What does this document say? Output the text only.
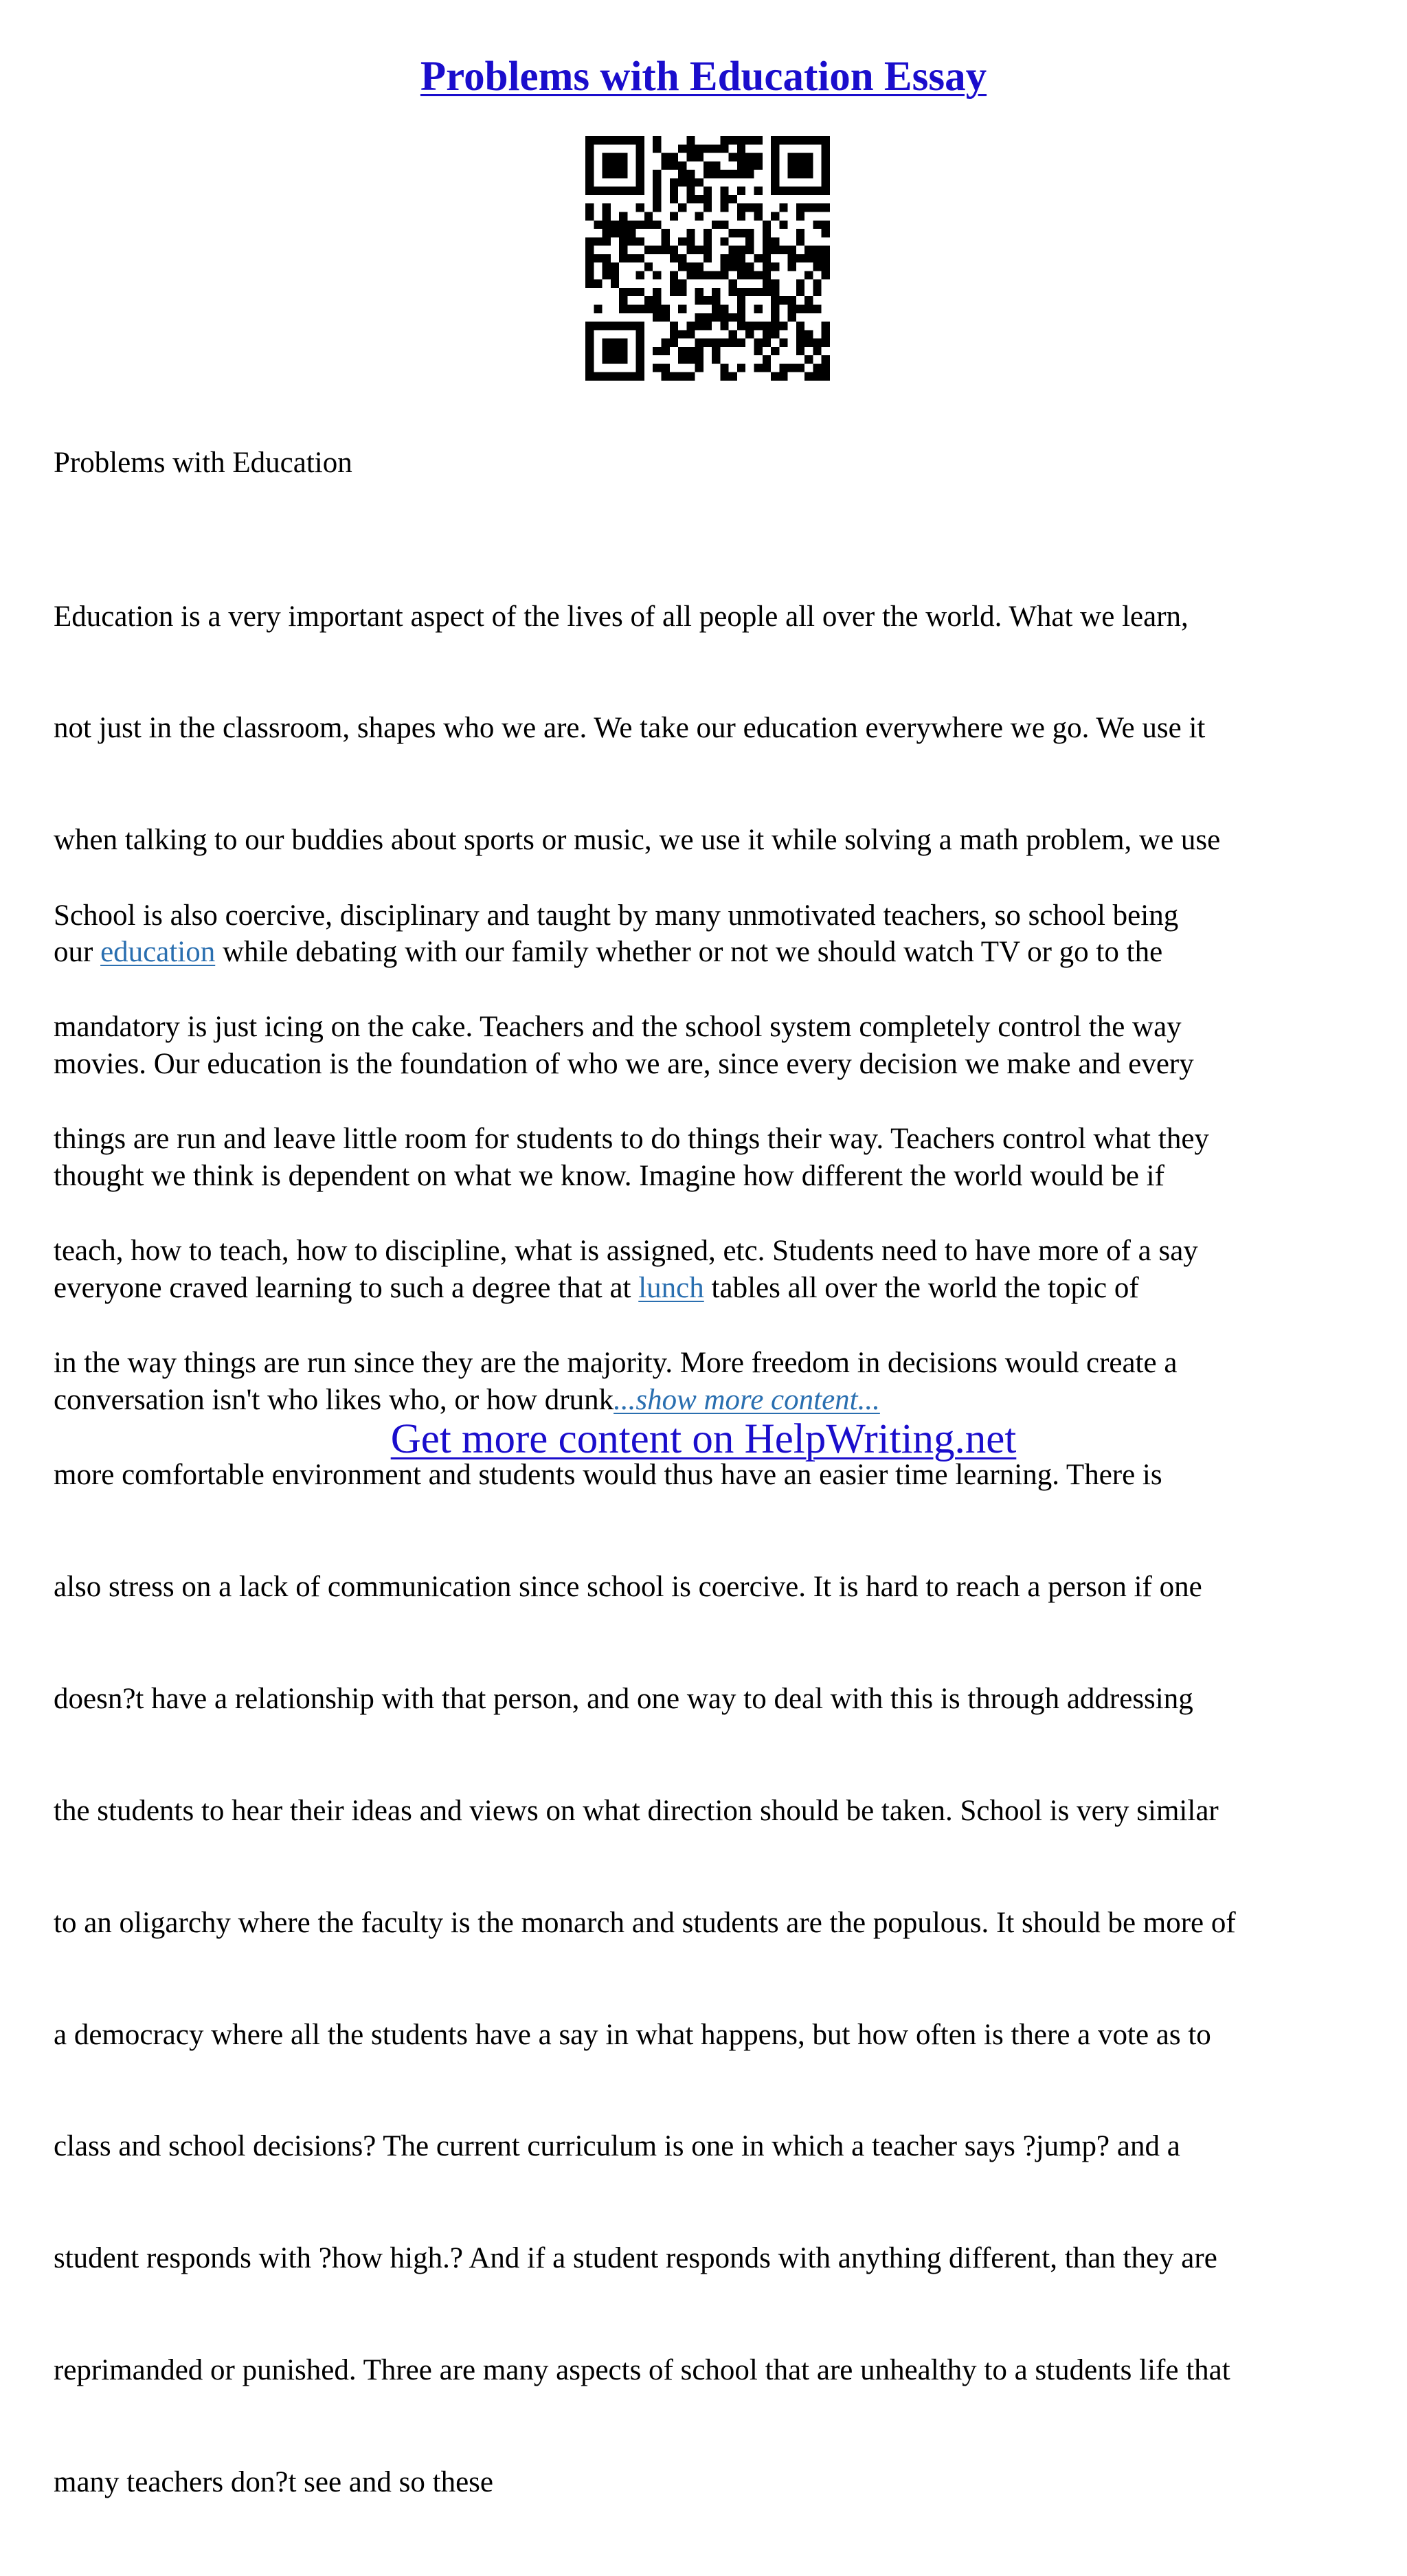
Problems with Education Essay
Problems with Education

Education is a very important aspect of the lives of all people all over the world. What we learn,

not just in the classroom, shapes who we are. We take our education everywhere we go. We use it

when talking to our buddies about sports or music, we use it while solving a math problem, we use

our education while debating with our family whether or not we should watch TV or go to the

movies. Our education is the foundation of who we are, since every decision we make and every

thought we think is dependent on what we know. Imagine how different the world would be if

everyone craved learning to such a degree that at lunch tables all over the world the topic of

conversation isn't who likes who, or how drunk...show more content...

School is also coercive, disciplinary and taught by many unmotivated teachers, so school being

mandatory is just icing on the cake. Teachers and the school system completely control the way

things are run and leave little room for students to do things their way. Teachers control what they

teach, how to teach, how to discipline, what is assigned, etc. Students need to have more of a say

in the way things are run since they are the majority. More freedom in decisions would create a

more comfortable environment and students would thus have an easier time learning. There is

also stress on a lack of communication since school is coercive. It is hard to reach a person if one

doesn?t have a relationship with that person, and one way to deal with this is through addressing

the students to hear their ideas and views on what direction should be taken. School is very similar

to an oligarchy where the faculty is the monarch and students are the populous. It should be more of

a democracy where all the students have a say in what happens, but how often is there a vote as to

class and school decisions? The current curriculum is one in which a teacher says ?jump? and a

student responds with ?how high.? And if a student responds with anything different, than they are

reprimanded or punished. Three are many aspects of school that are unhealthy to a students life that

many teachers don?t see and so these

Get more content on HelpWriting.net
